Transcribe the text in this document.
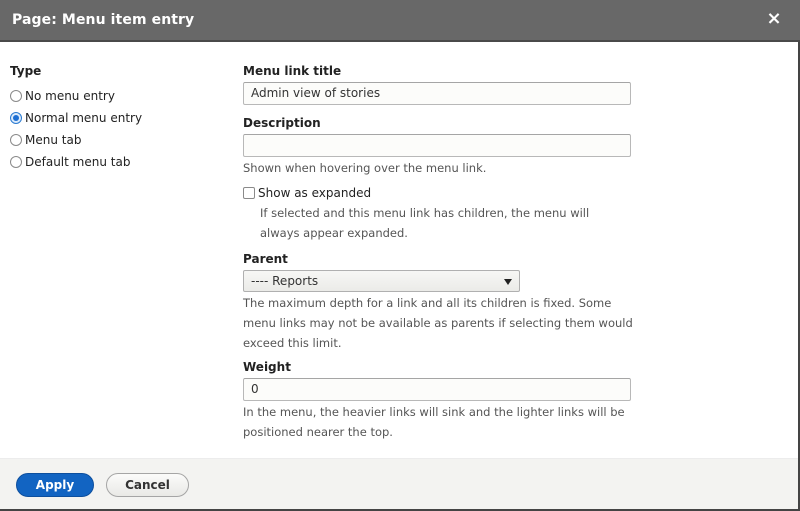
Page: Menu item entry	×
Type
No menu entry
Normal menu entry
Menu tab
Default menu tab
Menu link title
Admin view of stories
Description
Shown when hovering over the menu link.
Show as expanded
If selected and this menu link has children, the menu will always appear expanded.
Parent
---- Reports
The maximum depth for a link and all its children is fixed. Some menu links may not be available as parents if selecting them would exceed this limit.
Weight
0
In the menu, the heavier links will sink and the lighter links will be positioned nearer the top.
Apply	Cancel
